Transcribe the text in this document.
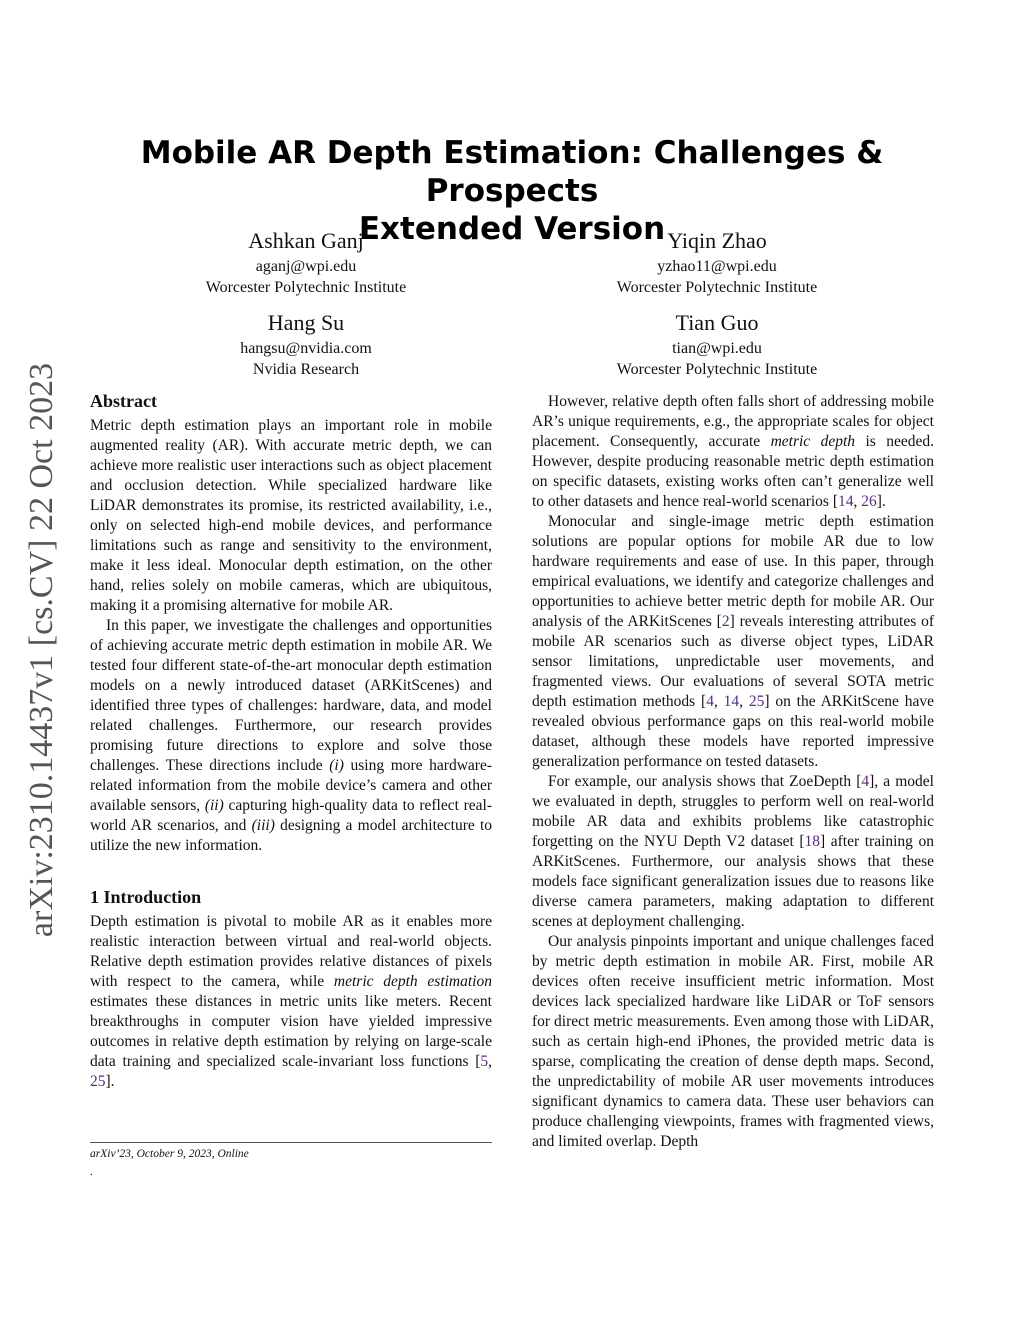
arXiv:2310.14437v1 [cs.CV] 22 Oct 2023
Mobile AR Depth Estimation: Challenges & Prospects
Extended Version
Ashkan Ganj
aganj@wpi.edu
Worcester Polytechnic Institute
Yiqin Zhao
yzhao11@wpi.edu
Worcester Polytechnic Institute
Hang Su
hangsu@nvidia.com
Nvidia Research
Tian Guo
tian@wpi.edu
Worcester Polytechnic Institute
Abstract

Metric depth estimation plays an important role in mobile augmented reality (AR). With accurate metric depth, we can achieve more realistic user interactions such as object placement and occlusion detection. While specialized hardware like LiDAR demonstrates its promise, its restricted availability, i.e., only on selected high-end mobile devices, and performance limitations such as range and sensitivity to the environment, make it less ideal. Monocular depth estimation, on the other hand, relies solely on mobile cameras, which are ubiquitous, making it a promising alternative for mobile AR.

In this paper, we investigate the challenges and opportunities of achieving accurate metric depth estimation in mobile AR. We tested four different state-of-the-art monocular depth estimation models on a newly introduced dataset (ARKitScenes) and identified three types of challenges: hardware, data, and model related challenges. Furthermore, our research provides promising future directions to explore and solve those challenges. These directions include (i) using more hardware-related information from the mobile device’s camera and other available sensors, (ii) capturing high-quality data to reflect real-world AR scenarios, and (iii) designing a model architecture to utilize the new information.

1 Introduction

Depth estimation is pivotal to mobile AR as it enables more realistic interaction between virtual and real-world objects. Relative depth estimation provides relative distances of pixels with respect to the camera, while metric depth estimation estimates these distances in metric units like meters. Recent breakthroughs in computer vision have yielded impressive outcomes in relative depth estimation by relying on large-scale data training and specialized scale-invariant loss functions [5, 25].

arXiv’23, October 9, 2023, Online
.

However, relative depth often falls short of addressing mobile AR’s unique requirements, e.g., the appropriate scales for object placement. Consequently, accurate metric depth is needed. However, despite producing reasonable metric depth estimation on specific datasets, existing works often can’t generalize well to other datasets and hence real-world scenarios [14, 26].

Monocular and single-image metric depth estimation solutions are popular options for mobile AR due to low hardware requirements and ease of use. In this paper, through empirical evaluations, we identify and categorize challenges and opportunities to achieve better metric depth for mobile AR. Our analysis of the ARKitScenes [2] reveals interesting attributes of mobile AR scenarios such as diverse object types, LiDAR sensor limitations, unpredictable user movements, and fragmented views. Our evaluations of several SOTA metric depth estimation methods [4, 14, 25] on the ARKitScene have revealed obvious performance gaps on this real-world mobile dataset, although these models have reported impressive generalization performance on tested datasets.

For example, our analysis shows that ZoeDepth [4], a model we evaluated in depth, struggles to perform well on real-world mobile AR data and exhibits problems like catastrophic forgetting on the NYU Depth V2 dataset [18] after training on ARKitScenes. Furthermore, our analysis shows that these models face significant generalization issues due to reasons like diverse camera parameters, making adaptation to different scenes at deployment challenging.

Our analysis pinpoints important and unique challenges faced by metric depth estimation in mobile AR. First, mobile AR devices often receive insufficient metric information. Most devices lack specialized hardware like LiDAR or ToF sensors for direct metric measurements. Even among those with LiDAR, such as certain high-end iPhones, the provided metric data is sparse, complicating the creation of dense depth maps. Second, the unpredictability of mobile AR user movements introduces significant dynamics to camera data. These user behaviors can produce challenging viewpoints, frames with fragmented views, and limited overlap. Depth
